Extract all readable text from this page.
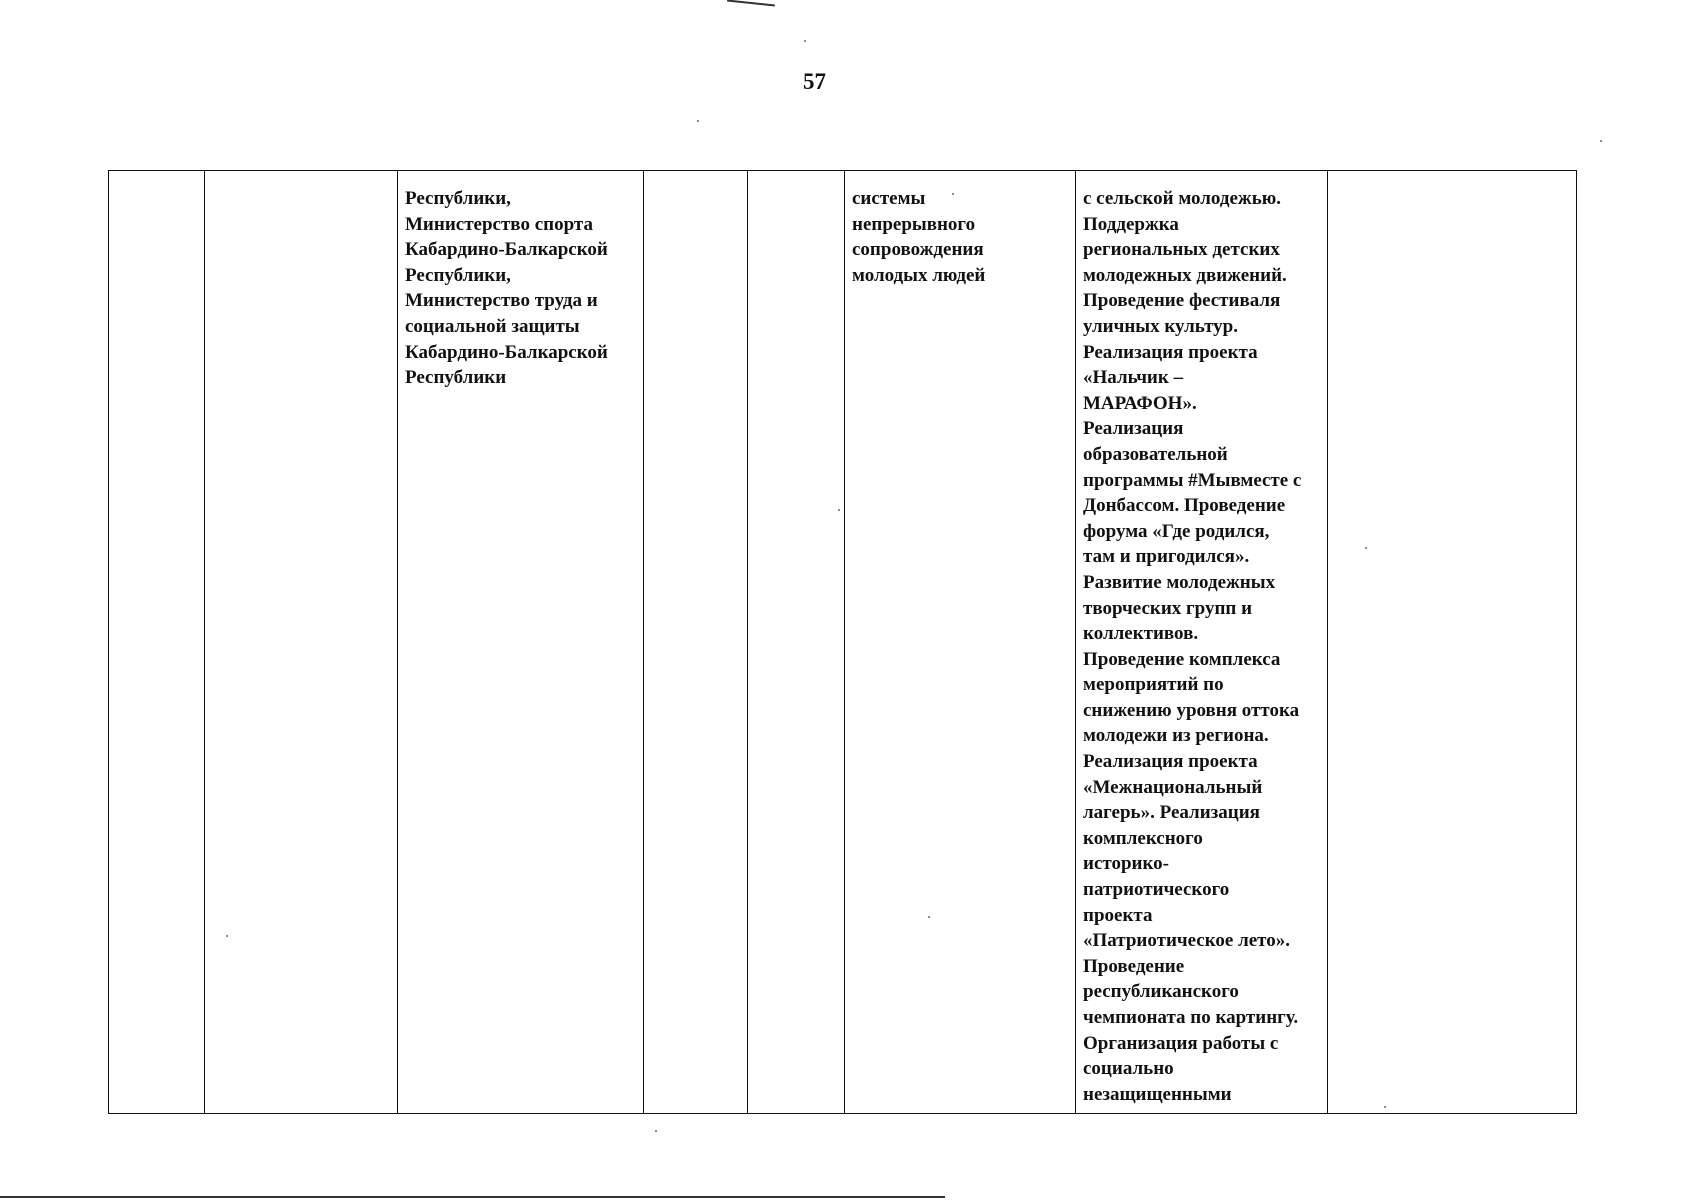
57
		Республики,
Министерство спорта
Кабардино-Балкарской
Республики,
Министерство труда и
социальной защиты
Кабардино-Балкарской
Республики			системы
непрерывного
сопровождения
молодых людей	с сельской молодежью.
Поддержка
региональных детских
молодежных движений.
Проведение фестиваля
уличных культур.
Реализация проекта
«Нальчик –
МАРАФОН».
Реализация
образовательной
программы #Мывместе с
Донбассом. Проведение
форума «Где родился,
там и пригодился».
Развитие молодежных
творческих групп и
коллективов.
Проведение комплекса
мероприятий по
снижению уровня оттока
молодежи из региона.
Реализация проекта
«Межнациональный
лагерь». Реализация
комплексного
историко-
патриотического
проекта
«Патриотическое лето».
Проведение
республиканского
чемпионата по картингу.
Организация работы с
социально
незащищенными	
